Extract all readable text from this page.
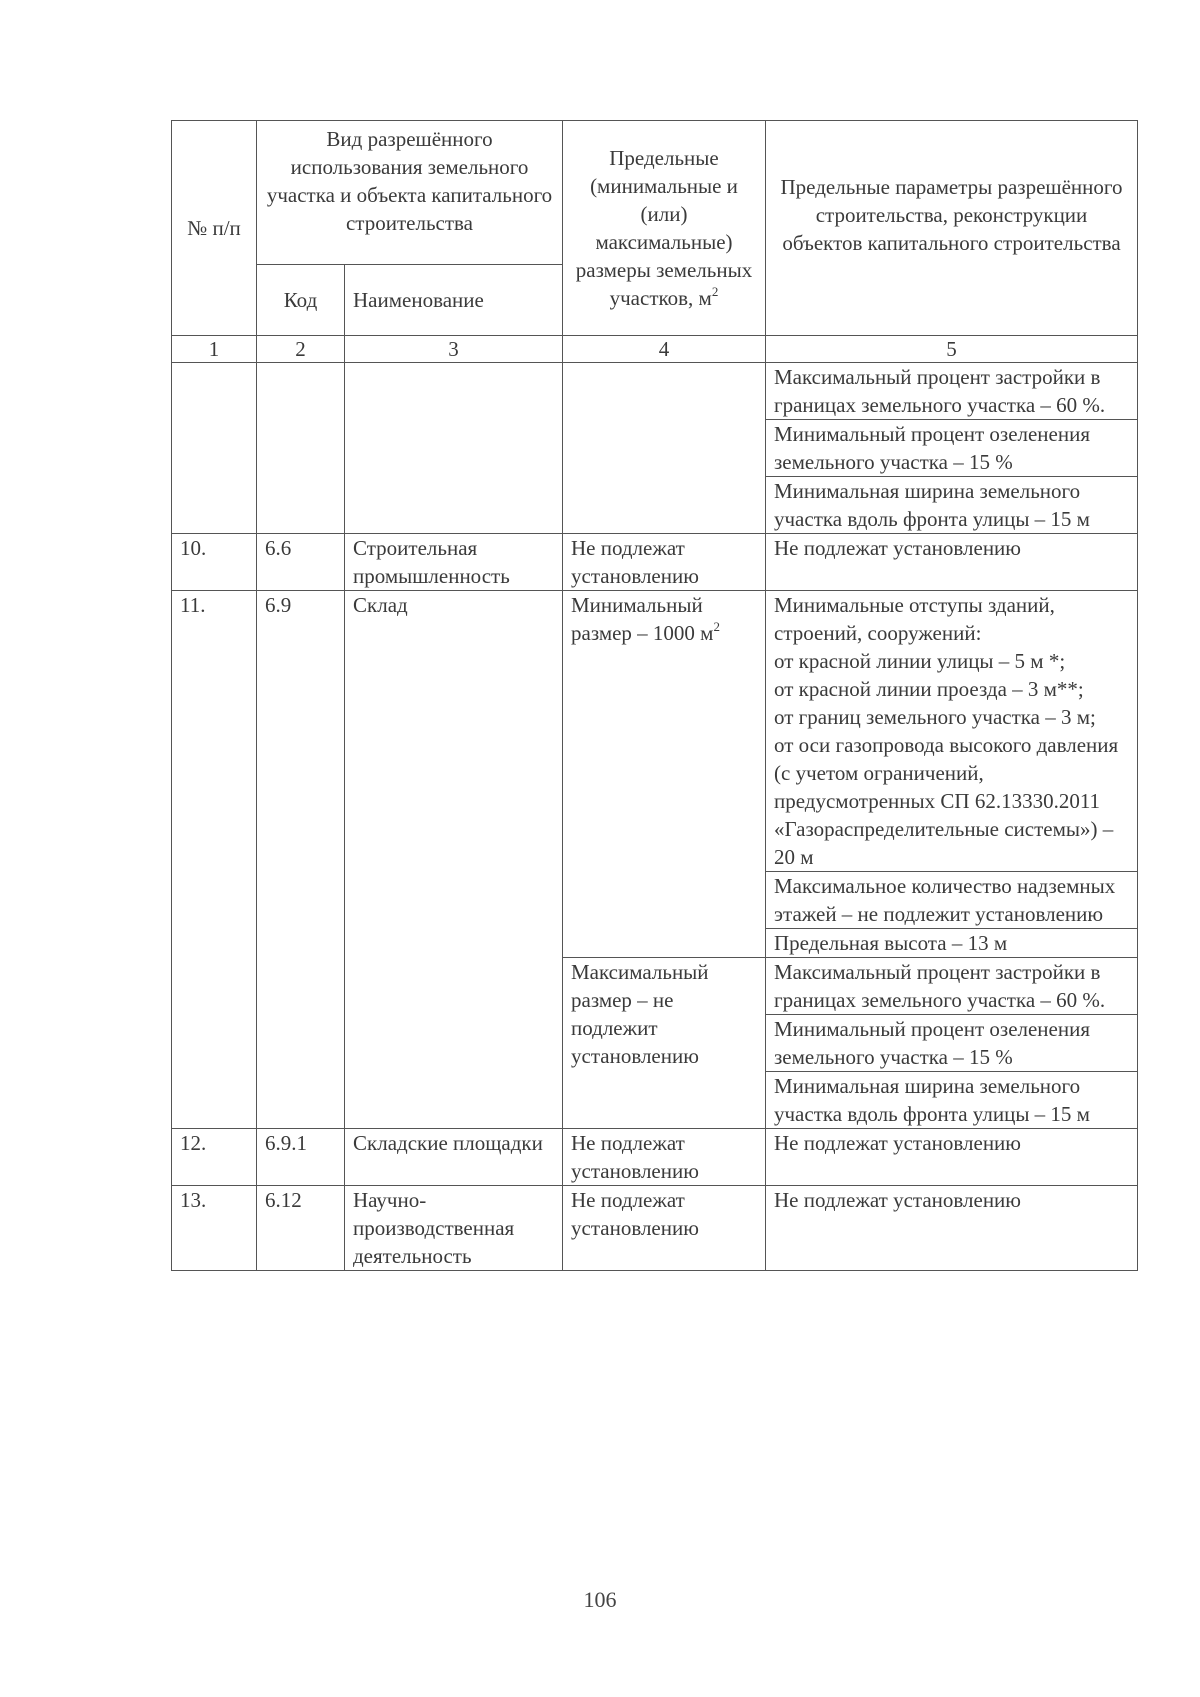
№ п/п	Вид разрешённого использования земельного участка и объекта капитального строительства		Предельные (минимальные и (или) максимальные) размеры земельных участков, $м^2$	Предельные параметры разрешённого строительства, реконструкции объектов капитального строительства
	Код	Наименование		
1	2	3	4	5
				Максимальный процент застройки в границах земельного участка – 60 %.
				Минимальный процент озеленения земельного участка – 15 %
				Минимальная ширина земельного участка вдоль фронта улицы – 15 м
10.	6.6	Строительная промышленность	Не подлежат установлению	Не подлежат установлению
11.	6.9	Склад	Минимальный размер – 1000 $м^2$	Минимальные отступы зданий, строений, сооружений:
от красной линии улицы – 5 м *;
от красной линии проезда – 3 м**;
от границ земельного участка – 3 м;
от оси газопровода высокого давления (с учетом ограничений, предусмотренных СП 62.13330.2011 «Газораспределительные системы») – 20 м

				Максимальное количество надземных этажей – не подлежит установлению
				Предельная высота – 13 м
			Максимальный размер – не подлежит установлению	Максимальный процент застройки в границах земельного участка – 60 %.
				Минимальный процент озеленения земельного участка – 15 %
				Минимальная ширина земельного участка вдоль фронта улицы – 15 м
12.	6.9.1	Складские площадки	Не подлежат установлению	Не подлежат установлению
13.	6.12	Научно-производственная деятельность	Не подлежат установлению	Не подлежат установлению
106
